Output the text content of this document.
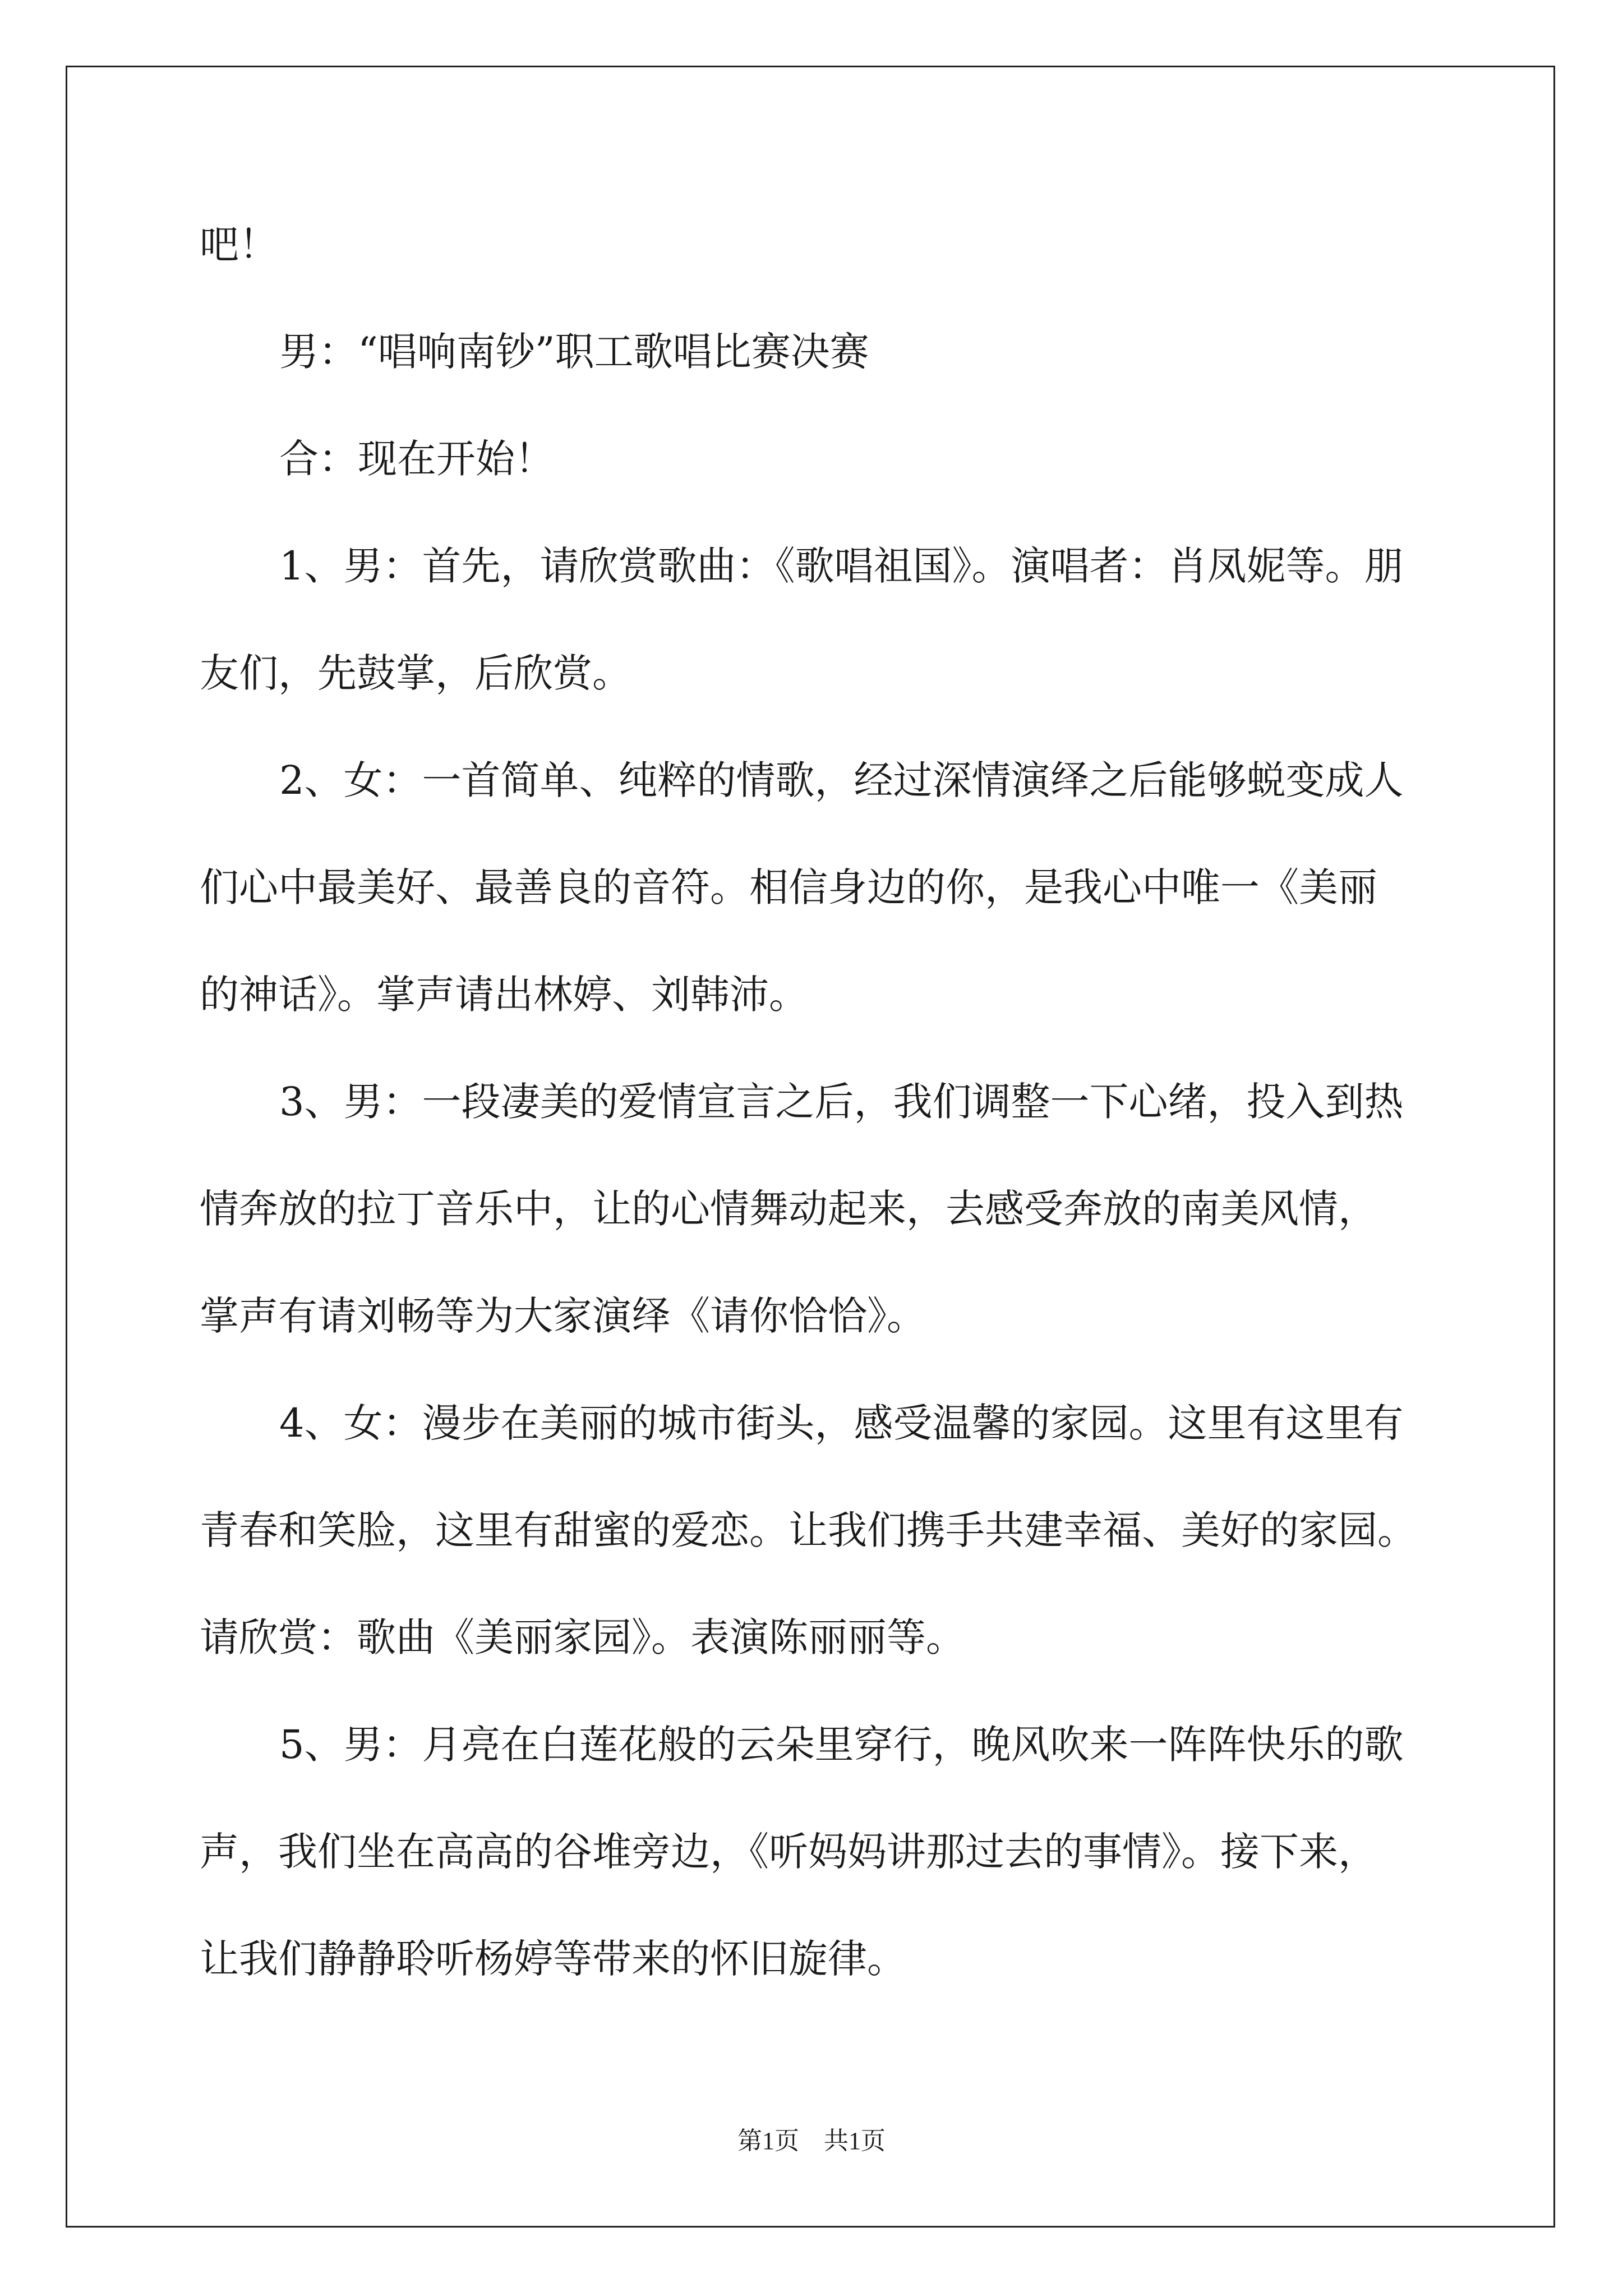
吧！

男：“唱响南钞”职工歌唱比赛决赛

合：现在开始！

1、男：首先，请欣赏歌曲：《歌唱祖国》。演唱者：肖凤妮等。朋

友们，先鼓掌，后欣赏。

2、女：一首简单、纯粹的情歌，经过深情演绎之后能够蜕变成人

们心中最美好、最善良的音符。相信身边的你，是我心中唯一《美丽

的神话》。掌声请出林婷、刘韩沛。

3、男：一段凄美的爱情宣言之后，我们调整一下心绪，投入到热

情奔放的拉丁音乐中，让的心情舞动起来，去感受奔放的南美风情，

掌声有请刘畅等为大家演绎《请你恰恰》。

4、女：漫步在美丽的城市街头，感受温馨的家园。这里有这里有

青春和笑脸，这里有甜蜜的爱恋。让我们携手共建幸福、美好的家园。

请欣赏：歌曲《美丽家园》。表演陈丽丽等。

5、男：月亮在白莲花般的云朵里穿行，晚风吹来一阵阵快乐的歌

声，我们坐在高高的谷堆旁边，《听妈妈讲那过去的事情》。接下来，

让我们静静聆听杨婷等带来的怀旧旋律。

第1页　共1页
